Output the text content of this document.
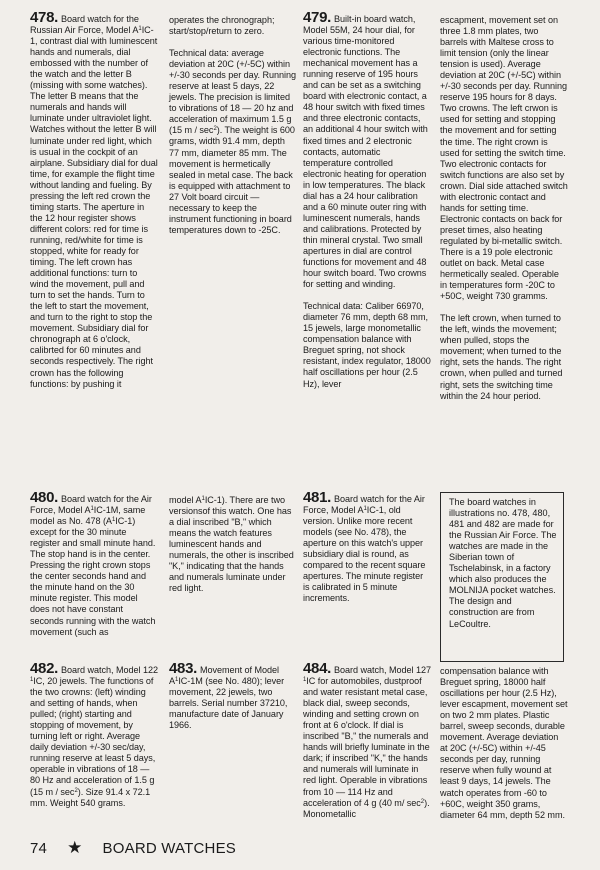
478. Board watch for the Russian Air Force, Model $A^1IC-1$, contrast dial with luminescent hands and numerals, dial embossed with the number of the watch and the letter B (missing with some watches). The letter B means that the numerals and hands will luminate under ultraviolet light. Watches without the letter B will luminate under red light, which is usual in the cockpit of an airplane. Subsidiary dial for dual time, for example the flight time without landing and fueling. By pressing the left red crown the timing starts. The aperture in the 12 hour register shows different colors: red for time is running, red/white for time is stopped, white for ready for timing. The left crown has additional functions: turn to wind the movement, pull and turn to set the hands. Turn to the left to start the movement, and turn to the right to stop the movement. Subsidiary dial for chronograph at 6 o'clock, calibrted for 60 minutes and seconds respectively. The right crown has the following functions: by pushing it

operates the chronograph; start/stop/return to zero.

Technical data: average deviation at 20C (+/-5C) within +/-30 seconds per day. Running reserve at least 5 days, 22 jewels. The precision is limited to vibrations of 18 — 20 hz and acceleration of maximum 1.5 g (15 m / $\sec^2$). The weight is 600 grams, width 91.4 mm, depth 77 mm, diameter 85 mm. The movement is hermetically sealed in metal case. The back is equipped with attachment to 27 Volt board circuit — necessary to keep the instrument functioning in board temperatures down to -25C.

479. Built-in board watch, Model 55M, 24 hour dial, for various time-monitored electronic functions. The mechanical movement has a running reserve of 195 hours and can be set as a switching board with electronic contact, a 48 hour switch with fixed times and three electronic contacts, an additional 4 hour switch with fixed times and 2 electronic contacts, automatic temperature controlled electronic heating for operation in low temperatures. The black dial has a 24 hour calibration and a 60 minute outer ring with luminescent numerals, hands and calibrations. Protected by thin mineral crystal. Two small apertures in dial are control functions for movement and 48 hour switch board. Two crowns for setting and winding.

Technical data: Caliber 66970, diameter 76 mm, depth 68 mm, 15 jewels, large monometallic compensation balance with Breguet spring, not shock resistant, index regulator, 18000 half oscillations per hour (2.5 Hz), lever

escapment, movement set on three 1.8 mm plates, two barrels with Maltese cross to limit tension (only the linear tension is used). Average deviation at 20C (+/-5C) within +/-30 seconds per day. Running reserve 195 hours for 8 days. Two crowns. The left crwon is used for setting and stopping the movement and for setting the time. The right crown is used for setting the switch time. Two electronic contacts for switch functions are also set by crown. Dial side attached switch with electronic contact and hands for setting time. Electronic contacts on back for preset times, also heating regulated by bi-metallic switch. There is a 19 pole electronic outlet on back. Metal case hermetically sealed. Operable in temperatures form -20C to +50C, weight 730 gramms.

The left crown, when turned to the left, winds the movement; when pulled, stops the movement; when turned to the right, sets the hands. The right crown, when pulled and turned right, sets the switching time within the 24 hour period.

480. Board watch for the Air Force, Model $A^1IC-1M$, same model as No. 478 $(A^1IC-1)$ except for the 30 minute register and small minute hand. The stop hand is in the center. Pressing the right crown stops the center seconds hand and the minute hand on the 30 minute register. This model does not have constant seconds running with the watch movement (such as

model $A^1IC-1$). There are two versionsof this watch. One has a dial inscribed "B," which means the watch features luminescent hands and numerals, the other is inscribed "K," indicating that the hands and numerals luminate under red light.

481. Board watch for the Air Force, Model $A^1IC-1$, old version. Unlike more recent models (see No. 478), the aperture on this watch's upper subsidiary dial is round, as compared to the recent square apertures. The minute register is calibrated in 5 minute increments.

The board watches in illustrations no. 478, 480, 481 and 482 are made for the Russian Air Force. The watches are made in the Siberian town of Tschelabinsk, in a factory which also produces the MOLNIJA pocket watches. The design and construction are from LeCoultre.

482. Board watch, Model 122 $^1$IC, 20 jewels. The functions of the two crowns: (left) winding and setting of hands, when pulled; (right) starting and stopping of movement, by turning left or right. Average daily deviation +/-30 sec/day, running reserve at least 5 days, operable in vibrations of 18 — 80 Hz and acceleration of 1.5 g (15 m / $\sec^2$). Size 91.4 x 72.1 mm. Weight 540 grams.

483. Movement of Model $A^1IC-1M$ (see No. 480); lever movement, 22 jewels, two barrels. Serial number 37210, manufacture date of January 1966.

484. Board watch, Model 127 $^1$IC for automobiles, dustproof and water resistant metal case, black dial, sweep seconds, winding and setting crown on front at 6 o'clock. If dial is inscribed "B," the numerals and hands will briefly luminate in the dark; if inscribed "K," the hands and numerals will luminate in red light. Operable in vibrations from 10 — 114 Hz and acceleration of 4 g (40 m/ $\sec^2$). Monometallic

compensation balance with Breguet spring, 18000 half oscillations per hour (2.5 Hz), lever escapment, movement set on two 2 mm plates. Plastic barrel, sweep seconds, durable movement. Average deviation at 20C (+/-5C) within +/-45 seconds per day, running reserve when fully wound at least 9 days, 14 jewels. The watch operates from -60 to +60C, weight 350 grams, diameter 64 mm, depth 52 mm.

74 ★ BOARD WATCHES
